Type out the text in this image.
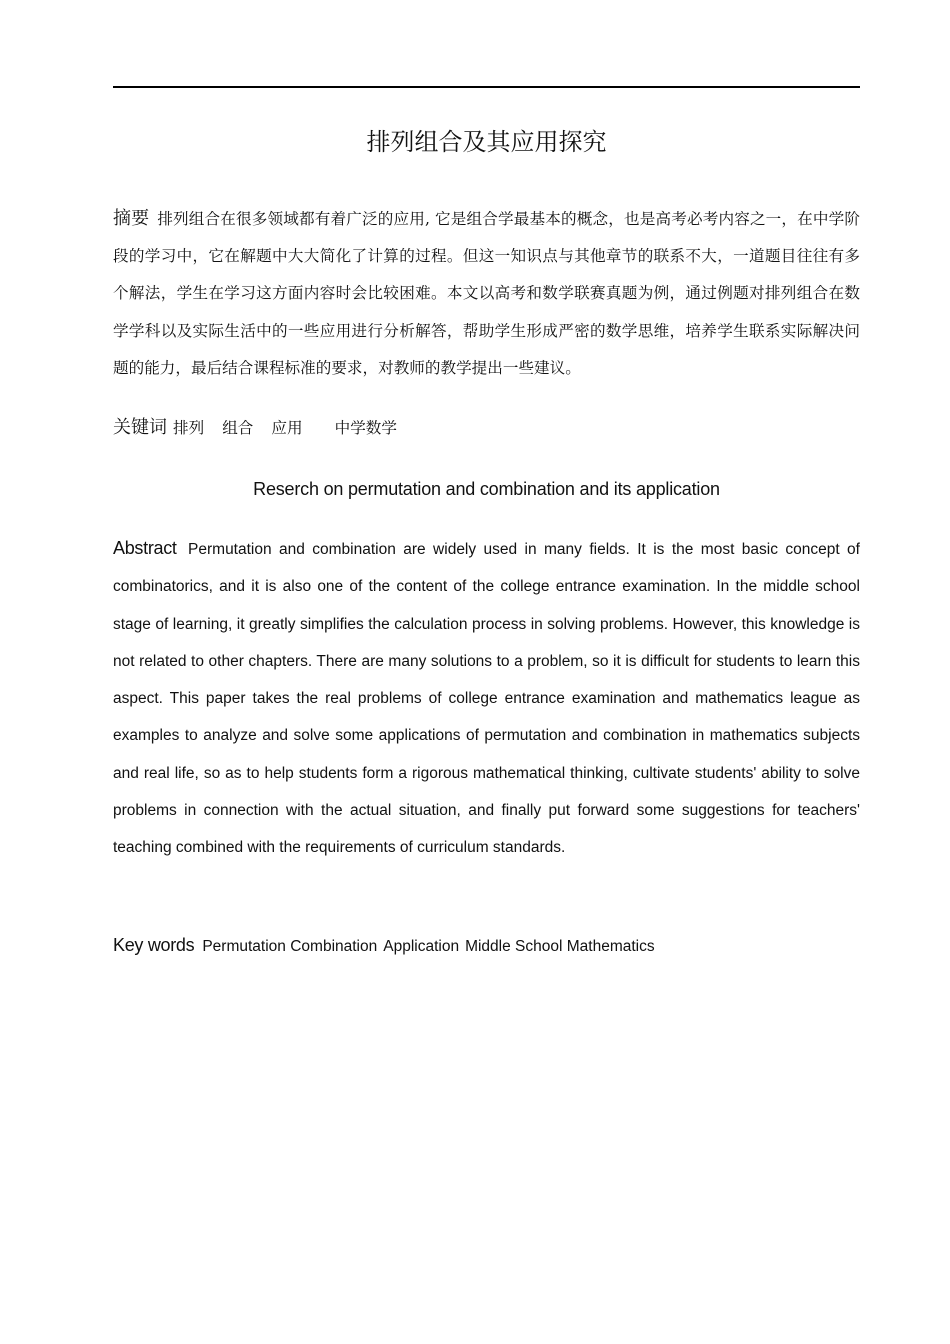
排列组合及其应用探究

摘要 排列组合在很多领域都有着广泛的应用, 它是组合学最基本的概念，也是高考必考内容之一，在中学阶段的学习中，它在解题中大大简化了计算的过程。但这一知识点与其他章节的联系不大，一道题目往往有多个解法，学生在学习这方面内容时会比较困难。本文以高考和数学联赛真题为例，通过例题对排列组合在数学学科以及实际生活中的一些应用进行分析解答，帮助学生形成严密的数学思维，培养学生联系实际解决问题的能力，最后结合课程标准的要求，对教师的教学提出一些建议。

关键词 排列 组合 应用 中学数学

Reserch on permutation and combination and its application

Abstract Permutation and combination are widely used in many fields. It is the most basic concept of combinatorics, and it is also one of the content of the college entrance examination. In the middle school stage of learning, it greatly simplifies the calculation process in solving problems. However, this knowledge is not related to other chapters. There are many solutions to a problem, so it is difficult for students to learn this aspect. This paper takes the real problems of college entrance examination and mathematics league as examples to analyze and solve some applications of permutation and combination in mathematics subjects and real life, so as to help students form a rigorous mathematical thinking, cultivate students' ability to solve problems in connection with the actual situation, and finally put forward some suggestions for teachers' teaching combined with the requirements of curriculum standards.

Key words Permutation Combination Application Middle School Mathematics
